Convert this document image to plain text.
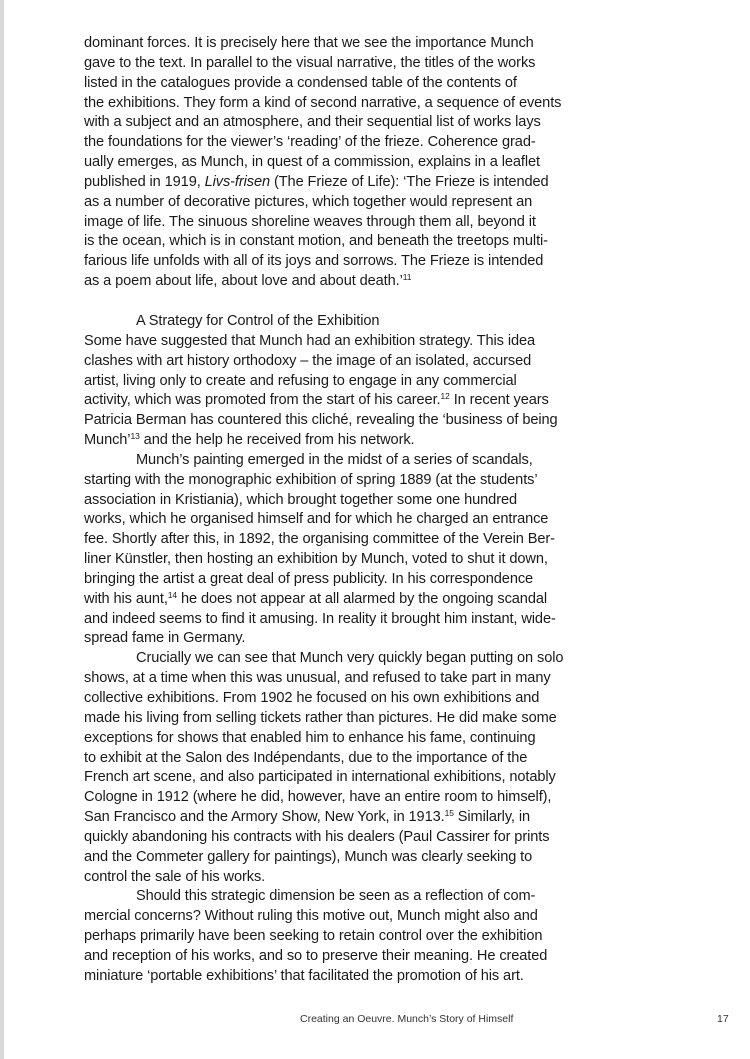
dominant forces. It is precisely here that we see the importance Munch
gave to the text. In parallel to the visual narrative, the titles of the works
listed in the catalogues provide a condensed table of the contents of
the exhibitions. They form a kind of second narrative, a sequence of events
with a subject and an atmosphere, and their sequential list of works lays
the foundations for the viewer’s ‘reading’ of the frieze. Coherence grad-
ually emerges, as Munch, in quest of a commission, explains in a leaflet
published in 1919, Livs-frisen (The Frieze of Life): ‘The Frieze is intended
as a number of decorative pictures, which together would represent an
image of life. The sinuous shoreline weaves through them all, beyond it
is the ocean, which is in constant motion, and beneath the treetops multi-
farious life unfolds with all of its joys and sorrows. The Frieze is intended
as a poem about life, about love and about death.’$^{11}$
A Strategy for Control of the Exhibition
Some have suggested that Munch had an exhibition strategy. This idea
clashes with art history orthodoxy – the image of an isolated, accursed
artist, living only to create and refusing to engage in any commercial
activity, which was promoted from the start of his career.$^{12}$ In recent years
Patricia Berman has countered this cliché, revealing the ‘business of being
Munch’$^{13}$ and the help he received from his network.
Munch’s painting emerged in the midst of a series of scandals,
starting with the monographic exhibition of spring 1889 (at the students’
association in Kristiania), which brought together some one hundred
works, which he organised himself and for which he charged an entrance
fee. Shortly after this, in 1892, the organising committee of the Verein Ber-
liner Künstler, then hosting an exhibition by Munch, voted to shut it down,
bringing the artist a great deal of press publicity. In his correspondence
with his aunt,$^{14}$ he does not appear at all alarmed by the ongoing scandal
and indeed seems to find it amusing. In reality it brought him instant, wide-
spread fame in Germany.
Crucially we can see that Munch very quickly began putting on solo
shows, at a time when this was unusual, and refused to take part in many
collective exhibitions. From 1902 he focused on his own exhibitions and
made his living from selling tickets rather than pictures. He did make some
exceptions for shows that enabled him to enhance his fame, continuing
to exhibit at the Salon des Indépendants, due to the importance of the
French art scene, and also participated in international exhibitions, notably
Cologne in 1912 (where he did, however, have an entire room to himself),
San Francisco and the Armory Show, New York, in 1913.15 Similarly, in
quickly abandoning his contracts with his dealers (Paul Cassirer for prints
and the Commeter gallery for paintings), Munch was clearly seeking to
control the sale of his works.
Should this strategic dimension be seen as a reflection of com-
mercial concerns? Without ruling this motive out, Munch might also and
perhaps primarily have been seeking to retain control over the exhibition
and reception of his works, and so to preserve their meaning. He created
miniature ‘portable exhibitions’ that facilitated the promotion of his art.
Creating an Oeuvre. Munch’s Story of Himself	17
